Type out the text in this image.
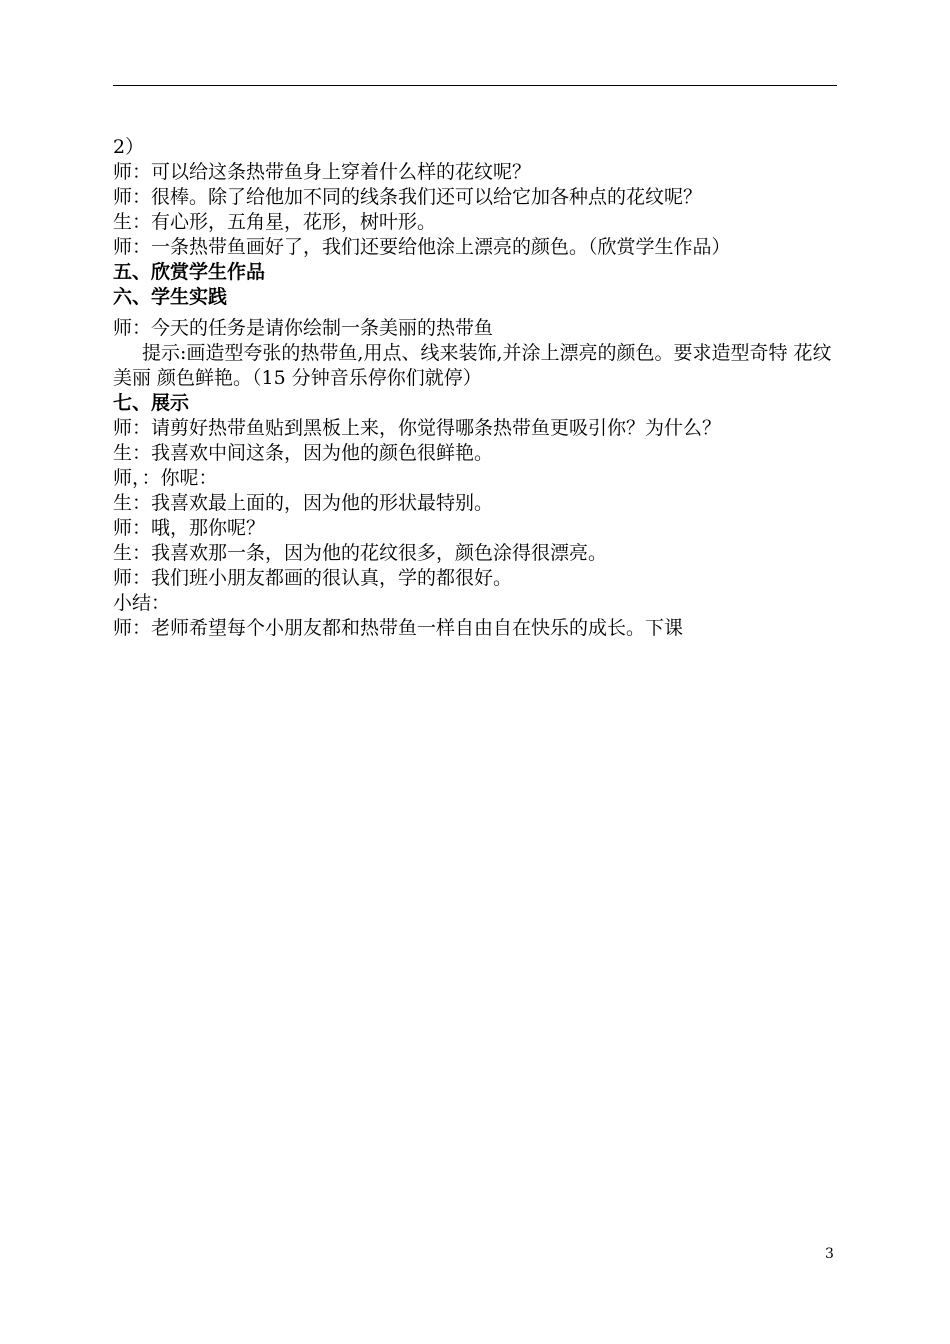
2）
师：可以给这条热带鱼身上穿着什么样的花纹呢？
师：很棒。除了给他加不同的线条我们还可以给它加各种点的花纹呢？
生：有心形，五角星，花形，树叶形。
师：一条热带鱼画好了，我们还要给他涂上漂亮的颜色。（欣赏学生作品）
五、欣赏学生作品
六、学生实践
师：今天的任务是请你绘制一条美丽的热带鱼
提示:画造型夸张的热带鱼,用点、线来装饰,并涂上漂亮的颜色。要求造型奇特 花纹美丽 颜色鲜艳。（15 分钟音乐停你们就停）
七、展示
师：请剪好热带鱼贴到黑板上来，你觉得哪条热带鱼更吸引你？为什么？
生：我喜欢中间这条，因为他的颜色很鲜艳。
师，：你呢：
生：我喜欢最上面的，因为他的形状最特别。
师：哦，那你呢？
生：我喜欢那一条，因为他的花纹很多，颜色涂得很漂亮。
师：我们班小朋友都画的很认真，学的都很好。
小结：
师：老师希望每个小朋友都和热带鱼一样自由自在快乐的成长。下课
3
